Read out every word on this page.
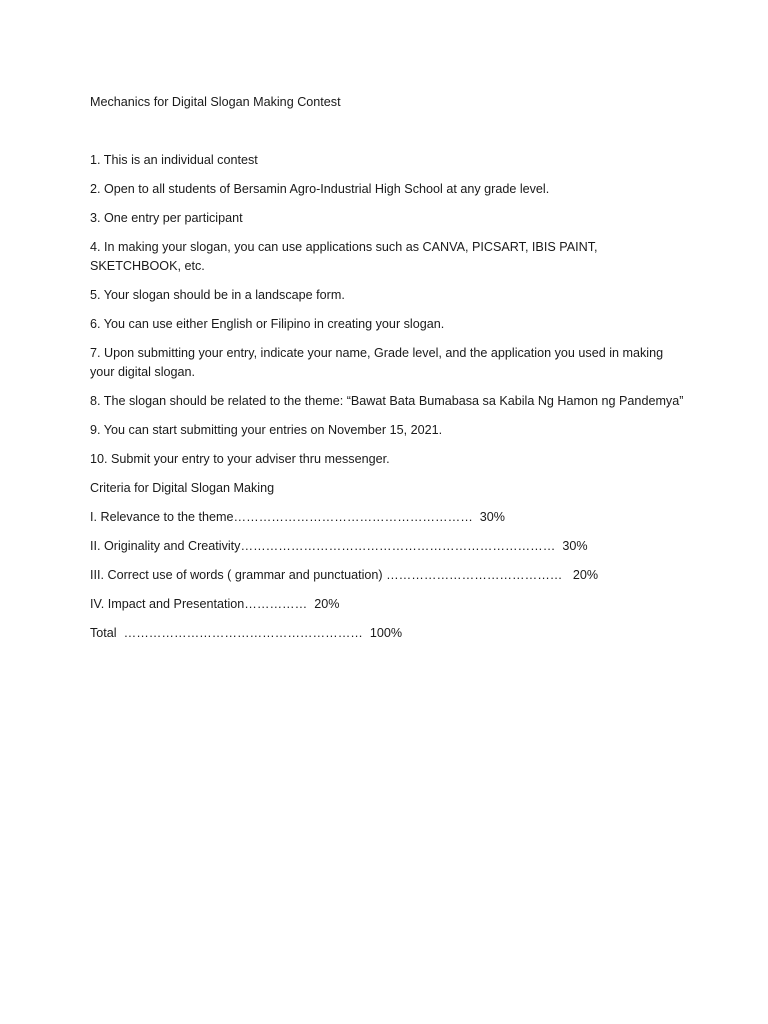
Mechanics for Digital Slogan Making Contest

1. This is an individual contest
2. Open to all students of Bersamin Agro-Industrial High School at any grade level.
3. One entry per participant
4. In making your slogan, you can use applications such as CANVA, PICSART, IBIS PAINT, SKETCHBOOK, etc.
5. Your slogan should be in a landscape form.
6. You can use either English or Filipino in creating your slogan.
7. Upon submitting your entry, indicate your name, Grade level, and the application you used in making your digital slogan.
8. The slogan should be related to the theme: “Bawat Bata Bumabasa sa Kabila Ng Hamon ng Pandemya”
9. You can start submitting your entries on November 15, 2021.
10. Submit your entry to your adviser thru messenger.

Criteria for Digital Slogan Making

I. Relevance to the theme…………………………………………………  30%
II. Originality and Creativity…………………………………………………………………  30%
III. Correct use of words ( grammar and punctuation) ……………………………………   20%
IV. Impact and Presentation……………  20%
Total  …………………………………………………  100%
